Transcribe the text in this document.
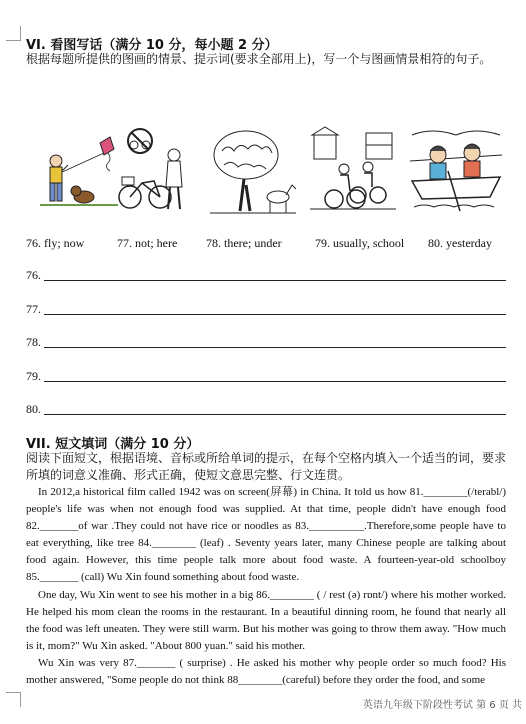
VI. 看图写话（满分 10 分，每小题 2 分）
根据每题所提供的图画的情景、提示词(要求全部用上)，写一个与图画情景相符的句子。
76. fly; now	77. not; here 78. there; under	79. usually, school 80. yesterday
76.
77.
78.
79.
80.
VII. 短文填词（满分 10 分）
阅读下面短文，根据语境、音标或所给单词的提示，在每个空格内填入一个适当的词，要求所填的词意义准确、形式正确，使短文意思完整、行文连贯。

In 2012,a historical film called 1942 was on screen(屏幕) in China. It told us how 81.________(/terabl/) people's life was when not enough food was supplied. At that time, people didn't have enough food 82._______of war .They could not have rice or noodles as 83.__________.Therefore,some people have to eat everything, like tree 84.________ (leaf) . Seventy years later, many Chinese people are talking about food again. However, this time people talk more about food waste. A fourteen-year-old schoolboy 85._______ (call) Wu Xin found something about food waste.

One day, Wu Xin went to see his mother in a big 86.________ ( / rest (ə) rɒnt/) where his mother worked. He helped his mom clean the rooms in the restaurant. In a beautiful dinning room, he found that nearly all the food was left uneaten. They were still warm. But his mother was going to throw them away. "How much is it, mom?" Wu Xin asked. "About 800 yuan." said his mother.

Wu Xin was very 87._______ ( surprise) . He asked his mother why people order so much food? His mother answered, "Some people do not think 88________(careful) before they order the food, and some

英语九年级下阶段性考试 第 6 页 共
